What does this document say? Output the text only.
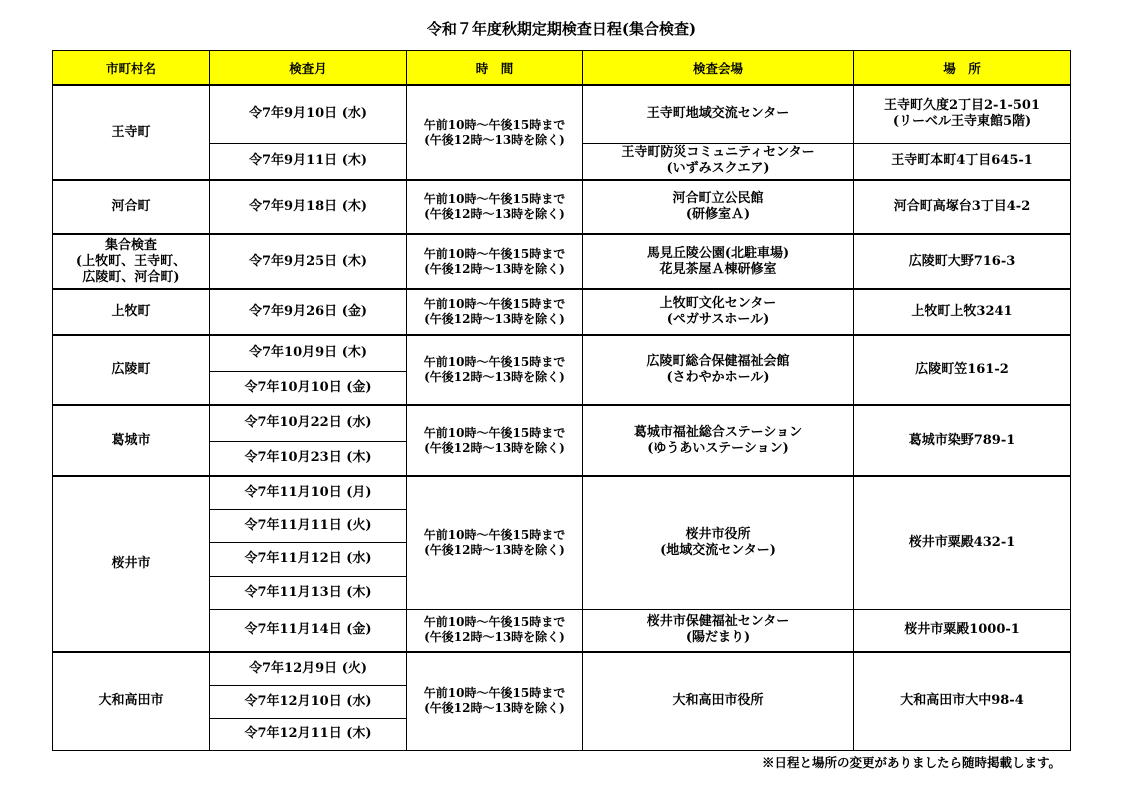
令和７年度秋期定期検査日程(集合検査)
市町村名	検査月	時　間	検査会場	場　所
王寺町	令7年9月10日 (水)	午前10時～午後15時まで
(午後12時～13時を除く)	王寺町地域交流センター	王寺町久度2丁目2-1-501
(リーベル王寺東館5階)

	令7年9月11日 (木)		王寺町防災コミュニティセンター
(いずみスクエア)	王寺町本町4丁目645-1
河合町	令7年9月18日 (木)	午前10時～午後15時まで
(午後12時～13時を除く)	河合町立公民館
(研修室Ａ)	河合町高塚台3丁目4-2

集合検査
(上牧町、王寺町、
広陵町、河合町)	令7年9月25日 (木)	午前10時～午後15時まで
(午後12時～13時を除く)	馬見丘陵公園(北駐車場)
花見茶屋Ａ棟研修室	広陵町大野716-3
上牧町	令7年9月26日 (金)	午前10時～午後15時まで
(午後12時～13時を除く)	上牧町文化センター
(ペガサスホール)	上牧町上牧3241
広陵町	令7年10月9日 (木)	午前10時～午後15時まで
(午後12時～13時を除く)	広陵町総合保健福祉会館
(さわやかホール)	広陵町笠161-2
	令7年10月10日 (金)			
葛城市	令7年10月22日 (水)	午前10時～午後15時まで
(午後12時～13時を除く)	葛城市福祉総合ステーション
(ゆうあいステーション)	葛城市染野789-1
	令7年10月23日 (木)			
桜井市	令7年11月10日 (月)	午前10時～午後15時まで
(午後12時～13時を除く)	桜井市役所
(地域交流センター)	桜井市粟殿432-1
	令7年11月11日 (火)			
	令7年11月12日 (水)			
	令7年11月13日 (木)			
	令7年11月14日 (金)	午前10時～午後15時まで
(午後12時～13時を除く)	桜井市保健福祉センター
(陽だまり)	桜井市粟殿1000-1
大和高田市	令7年12月9日 (火)	午前10時～午後15時まで
(午後12時～13時を除く)	大和高田市役所	大和高田市大中98-4
	令7年12月10日 (水)			
	令7年12月11日 (木)			
※日程と場所の変更がありましたら随時掲載します。
